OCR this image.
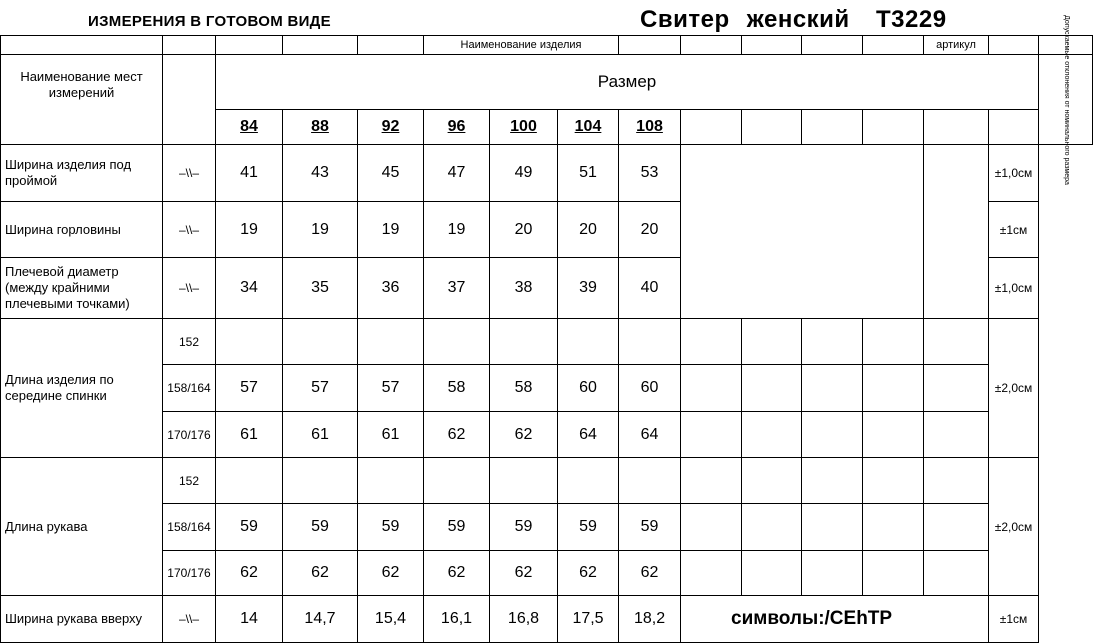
ИЗМЕРЕНИЯ В ГОТОВОМ ВИДЕ	Свитер женский Т3229
					Наименование изделия								артикул		
Наименование мест измерений		Размер													Допускаемые отклонения от номинального размера

		84	88	92	96	100	104	108							
Ширина изделия под проймой	–\\–	41	43	45	47	49	51	53						±1,0см	
Ширина горловины	–\\–	19	19	19	19	20	20	20						±1см	
Плечевой диаметр (между крайними плечевыми точками)	–\\–	34	35	36	37	38	39	40						±1,0см	
Длина изделия по середине спинки	152													±2,0см	
	158/164	57	57	57	58	58	60	60							
	170/176	61	61	61	62	62	64	64							
Длина рукава	152													±2,0см	
	158/164	59	59	59	59	59	59	59							
	170/176	62	62	62	62	62	62	62							
Ширина рукава вверху	–\\–	14	14,7	15,4	16,1	16,8	17,5	18,2	символы:/CEhTP					±1см	
